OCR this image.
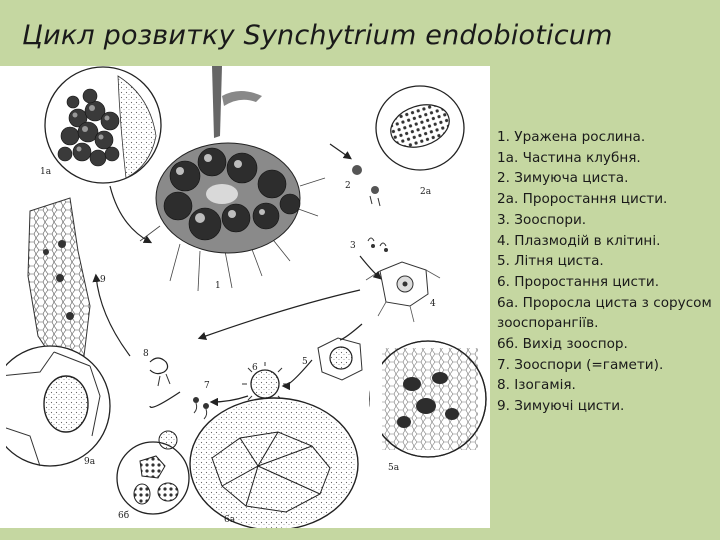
Цикл розвитку Synchytrium endobioticum
1
1a
2
2a
3
4
5
5a
6
6a
6б
7
8
9
9a
1. Уражена рослина.
1a. Частина клубня.
2. Зимуюча циста.
2a. Проростання цисти.
3. Зооспори.
4. Плазмодій в клітині.
5. Літня циста.
6. Проростання цисти.
6a. Проросла циста з сорусом зооспорангіїв.
6б. Вихід зооспор.
7. Зооспори (=гамети).
8. Ізогамія.
9. Зимуючі цисти.
